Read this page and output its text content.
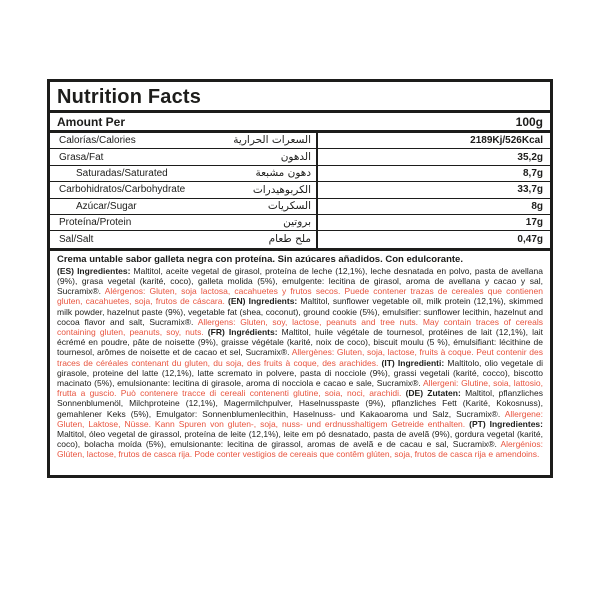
Nutrition Facts
Amount Per	100g
Calorías/Calories	السعرات الحرارية	2189Kj/526Kcal
Grasa/Fat	الدهون	35,2g
Saturadas/Saturated	دهون مشبعة	8,7g
Carbohidratos/Carbohydrate	الكربوهيدرات	33,7g
Azúcar/Sugar	السكريات	8g
Proteína/Protein	بروتين	17g
Sal/Salt	ملح طعام	0,47g
Crema untable sabor galleta negra con proteína. Sin azúcares añadidos. Con edulcorante.

(ES) Ingredientes: Maltitol, aceite vegetal de girasol, proteína de leche (12,1%), leche desnatada en polvo, pasta de avellana (9%), grasa vegetal (karité, coco), galleta molida (5%), emulgente: lecitina de girasol, aroma de avellana y cacao y sal, Sucramix®. Alérgenos: Gluten, soja lactosa, cacahuetes y frutos secos. Puede contener trazas de cereales que contienen gluten, cacahuetes, soja, frutos de cáscara. (EN) Ingredients: Maltitol, sunflower vegetable oil, milk protein (12,1%), skimmed milk powder, hazelnut paste (9%), vegetable fat (shea, coconut), ground cookie (5%), emulsifier: sunflower lecithin, hazelnut and cocoa flavor and salt, Sucramix®. Allergens: Gluten, soy, lactose, peanuts and tree nuts. May contain traces of cereals containing gluten, peanuts, soy, nuts. (FR) Ingrédients: Maltitol, huile végétale de tournesol, protéines de lait (12,1%), lait écrémé en poudre, pâte de noisette (9%), graisse végétale (karité, noix de coco), biscuit moulu (5 %), émulsifiant: lécithine de tournesol, arômes de noisette et de cacao et sel, Sucramix®. Allergènes: Gluten, soja, lactose, fruits à coque. Peut contenir des traces de céréales contenant du gluten, du soja, des fruits à coque, des arachides. (IT) Ingredienti: Maltitolo, olio vegetale di girasole, proteine del latte (12,1%), latte scremato in polvere, pasta di nocciole (9%), grassi vegetali (karité, cocco), biscotto macinato (5%), emulsionante: lecitina di girasole, aroma di nocciola e cacao e sale, Sucramix®. Allergeni: Glutine, soia, lattosio, frutta a guscio. Può contenere tracce di cereali contenenti glutine, soia, noci, arachidi. (DE) Zutaten: Maltitol, pflanzliches Sonnenblumenöl, Milchproteine (12,1%), Magermilchpulver, Haselnusspaste (9%), pflanzliches Fett (Karité, Kokosnuss), gemahlener Keks (5%), Emulgator: Sonnenblumenlecithin, Haselnuss- und Kakaoaroma und Salz, Sucramix®. Allergene: Gluten, Laktose, Nüsse. Kann Spuren von gluten-, soja, nuss- und erdnusshaltigem Getreide enthalten. (PT) Ingredientes: Maltitol, óleo vegetal de girassol, proteína de leite (12,1%), leite em pó desnatado, pasta de avelã (9%), gordura vegetal (karité, coco), bolacha moída (5%), emulsionante: lecitina de girassol, aromas de avelã e de cacau e sal, Sucramix®. Alergénios: Glúten, lactose, frutos de casca rija. Pode conter vestigios de cereais que contêm glúten, soja, frutos de casca rija e amendoins.
